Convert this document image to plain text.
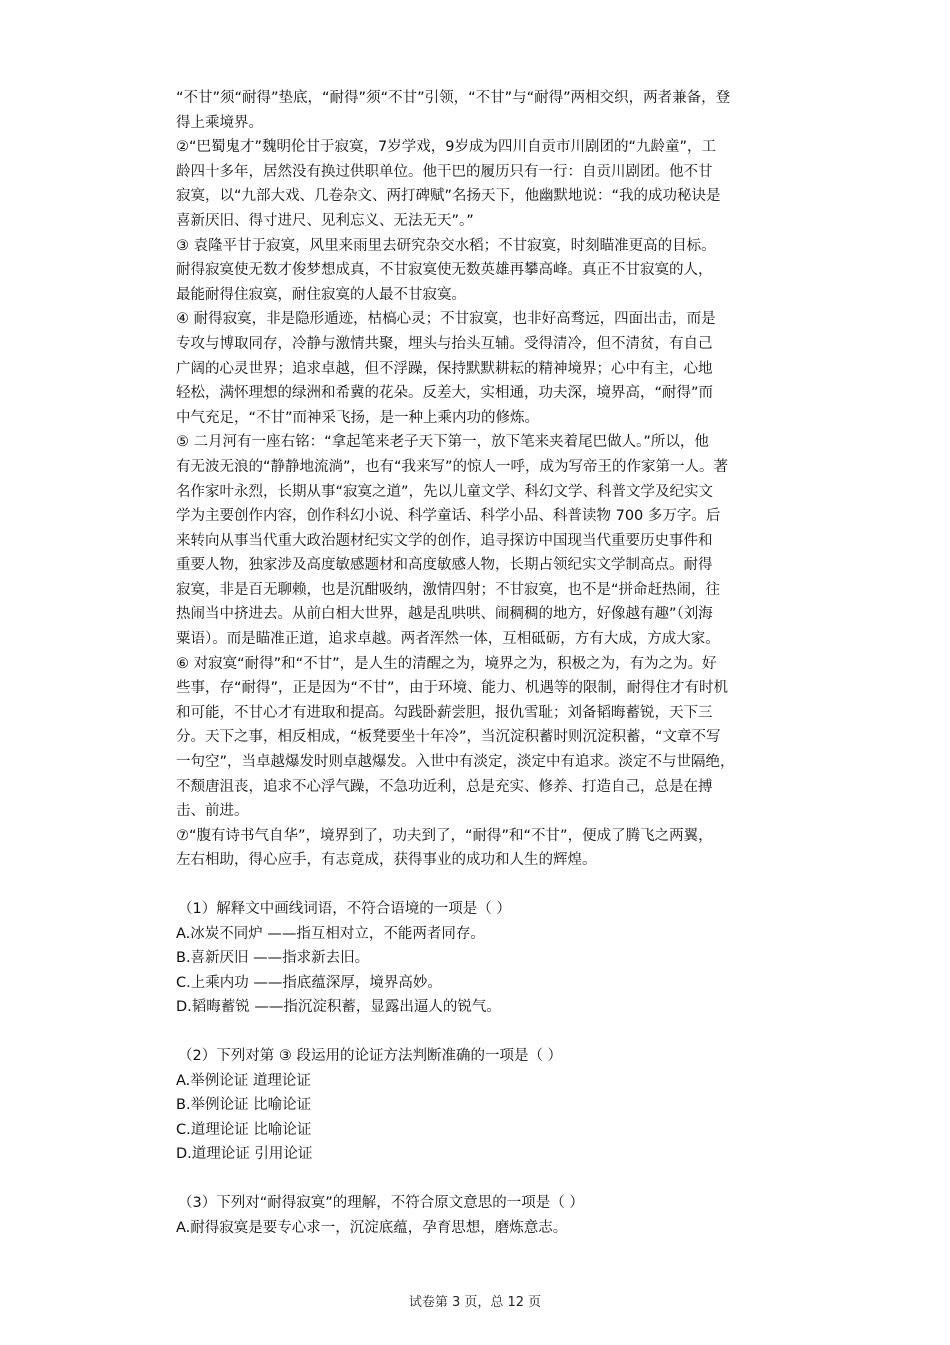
“不甘”须“耐得”垫底，“耐得”须“不甘”引领，“不甘”与“耐得”两相交织，两者兼备，登
得上乘境界。
②“巴蜀鬼才”魏明伦甘于寂寞，7岁学戏，9岁成为四川自贡市川剧团的“九龄童”，工
龄四十多年，居然没有换过供职单位。他干巴的履历只有一行：自贡川剧团。他不甘
寂寞，以“九部大戏、几卷杂文、两打碑赋”名扬天下，他幽默地说：“我的成功秘诀是
喜新厌旧、得寸进尺、见利忘义、无法无天”。”
③ 袁隆平甘于寂寞，风里来雨里去研究杂交水稻；不甘寂寞，时刻瞄准更高的目标。
耐得寂寞使无数才俊梦想成真，不甘寂寞使无数英雄再攀高峰。真正不甘寂寞的人，
最能耐得住寂寞，耐住寂寞的人最不甘寂寞。
④ 耐得寂寞，非是隐形遁迹，枯槁心灵；不甘寂寞，也非好高骛远，四面出击，而是
专攻与博取同存，冷静与激情共聚，埋头与抬头互辅。受得清冷，但不清贫，有自己
广阔的心灵世界；追求卓越，但不浮躁，保持默默耕耘的精神境界；心中有主，心地
轻松，满怀理想的绿洲和希冀的花朵。反差大，实相通，功夫深，境界高，“耐得”而
中气充足，“不甘”而神采飞扬，是一种上乘内功的修炼。
⑤ 二月河有一座右铭：“拿起笔来老子天下第一，放下笔来夹着尾巴做人。”所以，他
有无波无浪的“静静地流淌”，也有“我来写”的惊人一呼，成为写帝王的作家第一人。著
名作家叶永烈，长期从事“寂寞之道”，先以儿童文学、科幻文学、科普文学及纪实文
学为主要创作内容，创作科幻小说、科学童话、科学小品、科普读物 700 多万字。后
来转向从事当代重大政治题材纪实文学的创作，追寻探访中国现当代重要历史事件和
重要人物，独家涉及高度敏感题材和高度敏感人物，长期占领纪实文学制高点。耐得
寂寞，非是百无聊赖，也是沉酣吸纳，激情四射；不甘寂寞，也不是“拼命赶热闹，往
热闹当中挤进去。从前白相大世界，越是乱哄哄、闹稠稠的地方，好像越有趣”（刘海
粟语）。而是瞄准正道，追求卓越。两者浑然一体，互相砥砺，方有大成，方成大家。
⑥ 对寂寞“耐得”和“不甘”，是人生的清醒之为，境界之为，积极之为，有为之为。好
些事，存“耐得”，正是因为“不甘”，由于环境、能力、机遇等的限制，耐得住才有时机
和可能，不甘心才有进取和提高。勾践卧薪尝胆，报仇雪耻；刘备韬晦蓄锐，天下三
分。天下之事，相反相成，“板凳要坐十年冷”，当沉淀积蓄时则沉淀积蓄，“文章不写
一句空”，当卓越爆发时则卓越爆发。入世中有淡定，淡定中有追求。淡定不与世隔绝，
不颓唐沮丧，追求不心浮气躁，不急功近利，总是充实、修养、打造自己，总是在搏
击、前进。
⑦“腹有诗书气自华”，境界到了，功夫到了，“耐得”和“不甘”，便成了腾飞之两翼，
左右相助，得心应手，有志竟成，获得事业的成功和人生的辉煌。
（1）解释文中画线词语，不符合语境的一项是（ ）
A.冰炭不同炉 ——指互相对立，不能两者同存。
B.喜新厌旧 ——指求新去旧。
C.上乘内功 ——指底蕴深厚，境界高妙。
D.韬晦蓄锐 ——指沉淀积蓄，显露出逼人的锐气。
（2）下列对第 ③ 段运用的论证方法判断准确的一项是（ ）
A.举例论证 道理论证
B.举例论证 比喻论证
C.道理论证 比喻论证
D.道理论证 引用论证
（3）下列对“耐得寂寞”的理解，不符合原文意思的一项是（ ）
A.耐得寂寞是要专心求一，沉淀底蕴，孕育思想，磨炼意志。
试卷第 3 页，总 12 页
